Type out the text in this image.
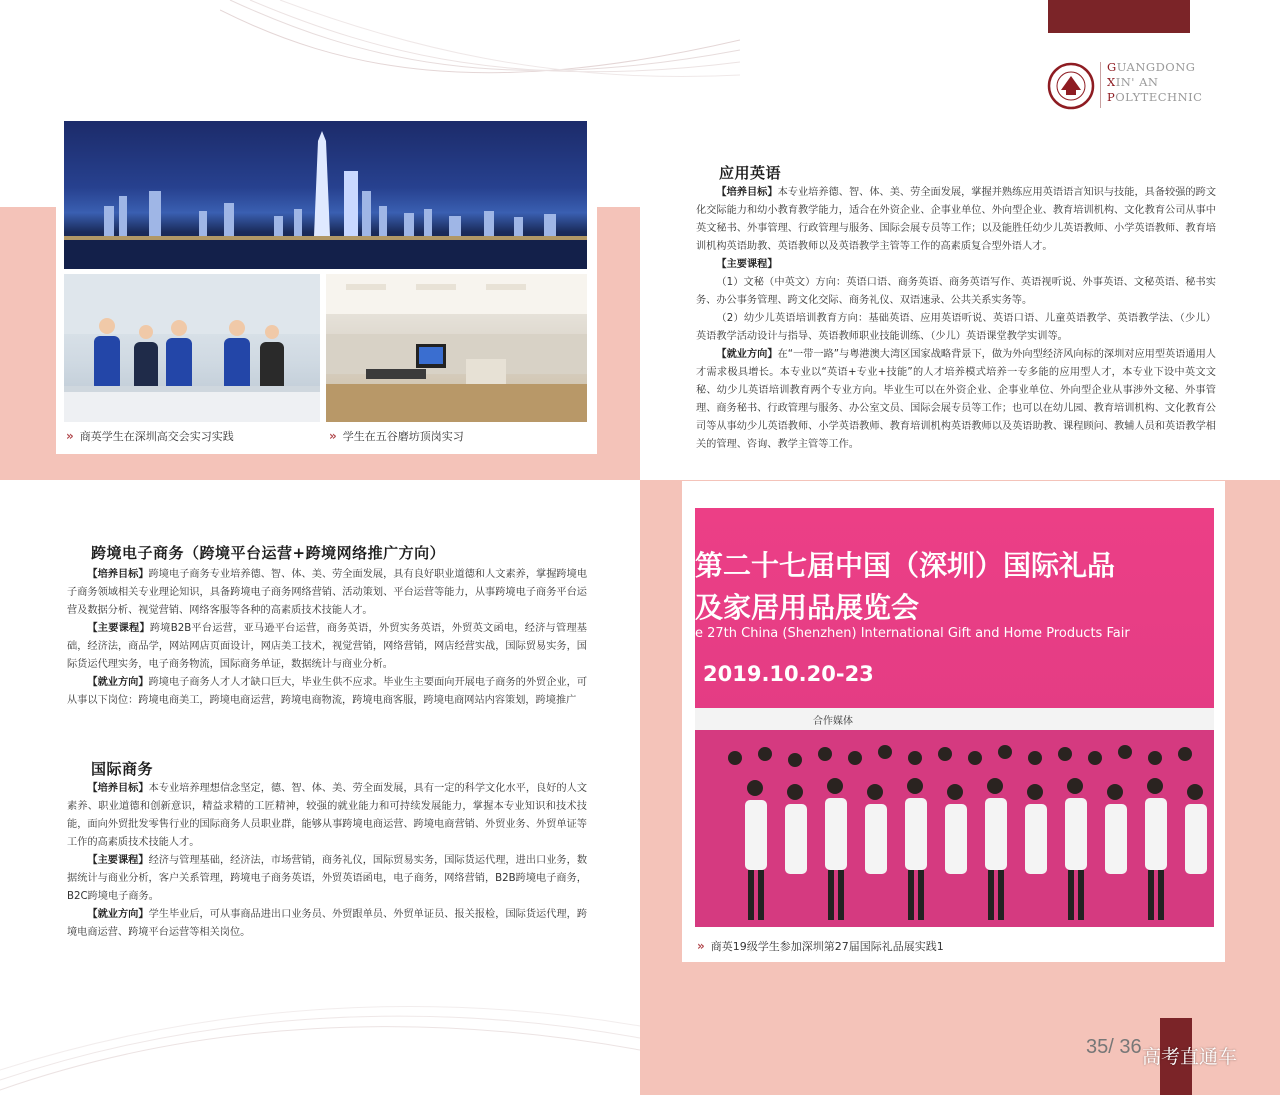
GUANGDONG
XIN' AN
POLYTECHNIC
» 商英学生在深圳高交会实习实践	» 学生在五谷磨坊顶岗实习
应用英语

【培养目标】本专业培养德、智、体、美、劳全面发展，掌握并熟练应用英语语言知识与技能，具备较强的跨文化交际能力和幼小教育教学能力，适合在外资企业、企事业单位、外向型企业、教育培训机构、文化教育公司从事中英文秘书、外事管理、行政管理与服务、国际会展专员等工作；以及能胜任幼少儿英语教师、小学英语教师、教育培训机构英语助教、英语教师以及英语教学主管等工作的高素质复合型外语人才。

【主要课程】

（1）文秘（中英文）方向：英语口语、商务英语、商务英语写作、英语视听说、外事英语、文秘英语、秘书实务、办公事务管理、跨文化交际、商务礼仪、双语速录、公共关系实务等。

（2）幼少儿英语培训教育方向：基础英语、应用英语听说、英语口语、儿童英语教学、英语教学法、（少儿）英语教学活动设计与指导、英语教师职业技能训练、（少儿）英语课堂教学实训等。

【就业方向】在“一带一路”与粤港澳大湾区国家战略背景下，做为外向型经济风向标的深圳对应用型英语通用人才需求极具增长。本专业以“英语+专业+技能”的人才培养模式培养一专多能的应用型人才，本专业下设中英文文秘、幼少儿英语培训教育两个专业方向。毕业生可以在外资企业、企事业单位、外向型企业从事涉外文秘、外事管理、商务秘书、行政管理与服务、办公室文员、国际会展专员等工作；也可以在幼儿园、教育培训机构、文化教育公司等从事幼少儿英语教师、小学英语教师、教育培训机构英语教师以及英语助教、课程顾问、教辅人员和英语教学相关的管理、咨询、教学主管等工作。

第二十七届中国（深圳）国际礼品
及家居用品展览会
e 27th China (Shenzhen) International Gift and Home Products Fair
2019.10.20-23
合作媒体
» 商英19级学生参加深圳第27届国际礼品展实践1
跨境电子商务（跨境平台运营+跨境网络推广方向）

【培养目标】跨境电子商务专业培养德、智、体、美、劳全面发展，具有良好职业道德和人文素养，掌握跨境电子商务领域相关专业理论知识，具备跨境电子商务网络营销、活动策划、平台运营等能力，从事跨境电子商务平台运营及数据分析、视觉营销、网络客服等各种的高素质技术技能人才。

【主要课程】跨境B2B平台运营，亚马逊平台运营，商务英语，外贸实务英语，外贸英文函电，经济与管理基础，经济法，商品学，网站网店页面设计，网店美工技术，视觉营销，网络营销，网店经营实战，国际贸易实务，国际货运代理实务，电子商务物流，国际商务单证，数据统计与商业分析。

【就业方向】跨境电子商务人才人才缺口巨大，毕业生供不应求。毕业生主要面向开展电子商务的外贸企业，可从事以下岗位：跨境电商美工，跨境电商运营，跨境电商物流，跨境电商客服，跨境电商网站内容策划，跨境推广

国际商务

【培养目标】本专业培养理想信念坚定，德、智、体、美、劳全面发展，具有一定的科学文化水平，良好的人文素养、职业道德和创新意识，精益求精的工匠精神，较强的就业能力和可持续发展能力，掌握本专业知识和技术技能，面向外贸批发零售行业的国际商务人员职业群，能够从事跨境电商运营、跨境电商营销、外贸业务、外贸单证等工作的高素质技术技能人才。

【主要课程】经济与管理基础，经济法，市场营销，商务礼仪，国际贸易实务，国际货运代理，进出口业务，数据统计与商业分析，客户关系管理，跨境电子商务英语，外贸英语函电，电子商务，网络营销，B2B跨境电子商务，B2C跨境电子商务。

【就业方向】学生毕业后，可从事商品进出口业务员、外贸跟单员、外贸单证员、报关报检，国际货运代理，跨境电商运营、跨境平台运营等相关岗位。

35/ 36 高考直通车
